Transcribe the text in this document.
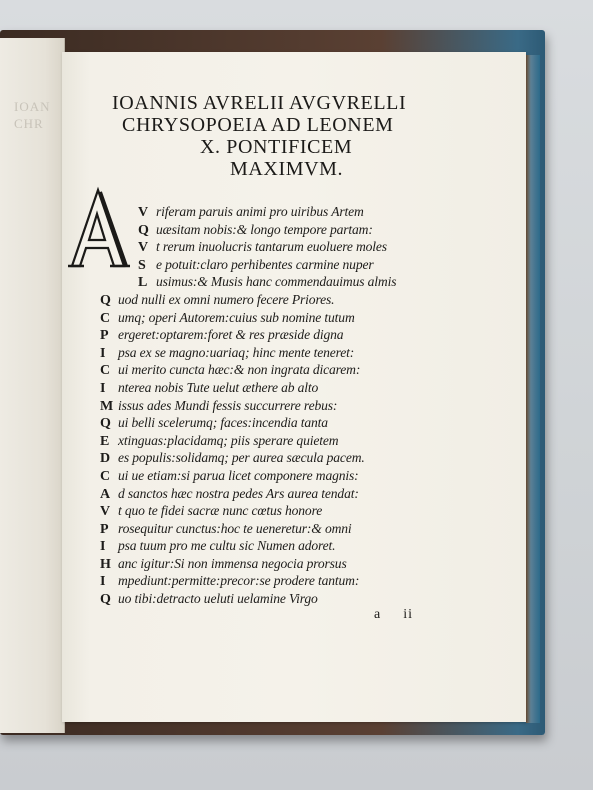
IOAN
CHR
IOANNIS AVRELII AVGVRELLI
CHRYSOPOEIA AD LEONEM
X. PONTIFICEM
MAXIMVM.
A
V riferam paruis animi pro uiribus Artem
Q uæsitam nobis:& longo tempore partam:
V t rerum inuolucris tantarum euoluere moles
S e potuit:claro perhibentes carmine nuper
L usimus:& Musis hanc commendauimus almis
Q uod nulli ex omni numero fecere Priores.
C umq; operi Autorem:cuius sub nomine tutum
P ergeret:optarem:foret & res præside digna
I psa ex se magno:uariaq; hinc mente teneret:
C ui merito cuncta hæc:& non ingrata dicarem:
I nterea nobis Tute uelut æthere ab alto
M issus ades Mundi fessis succurrere rebus:
Q ui belli scelerumq; faces:incendia tanta
E xtinguas:placidamq; piis sperare quietem
D es populis:solidamq; per aurea sæcula pacem.
C ui ue etiam:si parua licet componere magnis:
A d sanctos hæc nostra pedes Ars aurea tendat:
V t quo te fidei sacræ nunc cœtus honore
P rosequitur cunctus:hoc te ueneretur:& omni
I psa tuum pro me cultu sic Numen adoret.
H anc igitur:Si non immensa negocia prorsus
I mpediunt:permitte:precor:se prodere tantum:
Q uo tibi:detracto ueluti uelamine Virgo
a ii
